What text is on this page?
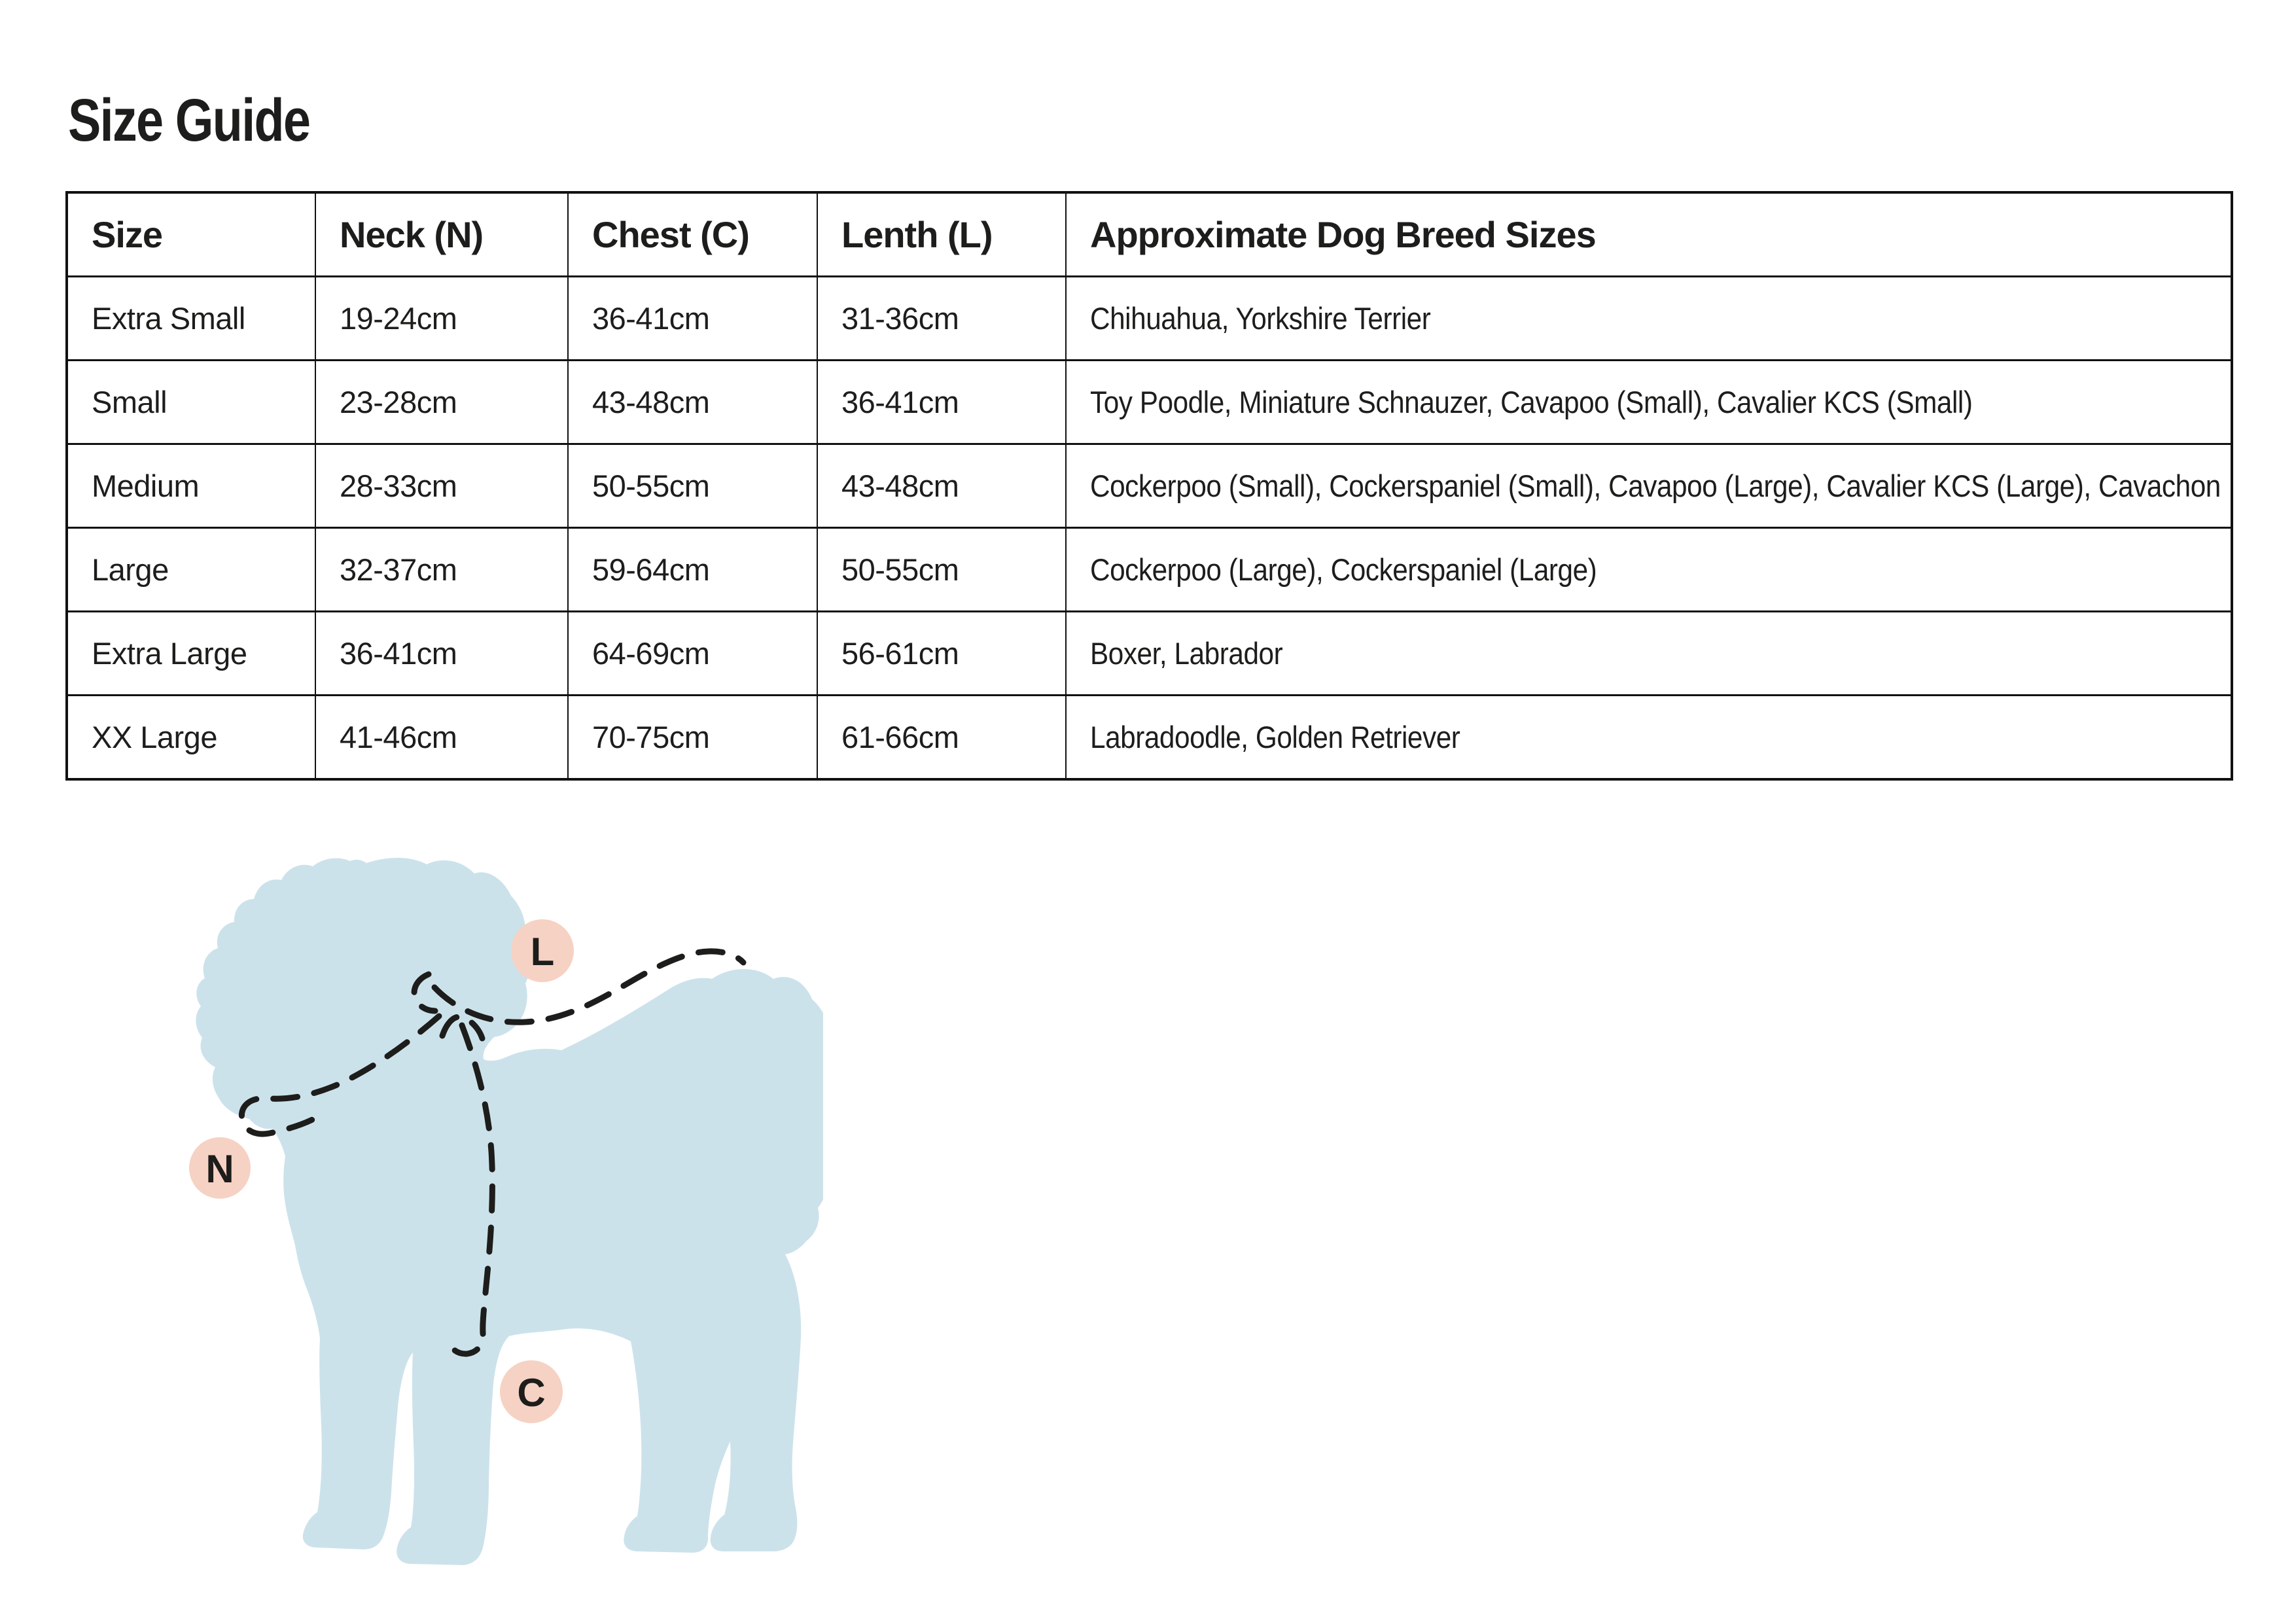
Size Guide
Size	Neck (N)	Chest (C)	Lenth (L)	Approximate Dog Breed Sizes
Extra Small	19-24cm	36-41cm	31-36cm	Chihuahua, Yorkshire Terrier
Small	23-28cm	43-48cm	36-41cm	Toy Poodle, Miniature Schnauzer, Cavapoo (Small), Cavalier KCS (Small)
Medium	28-33cm	50-55cm	43-48cm	Cockerpoo (Small), Cockerspaniel (Small), Cavapoo (Large), Cavalier KCS (Large), Cavachon
Large	32-37cm	59-64cm	50-55cm	Cockerpoo (Large), Cockerspaniel (Large)
Extra Large	36-41cm	64-69cm	56-61cm	Boxer, Labrador
XX Large	41-46cm	70-75cm	61-66cm	Labradoodle, Golden Retriever
L
N
C
